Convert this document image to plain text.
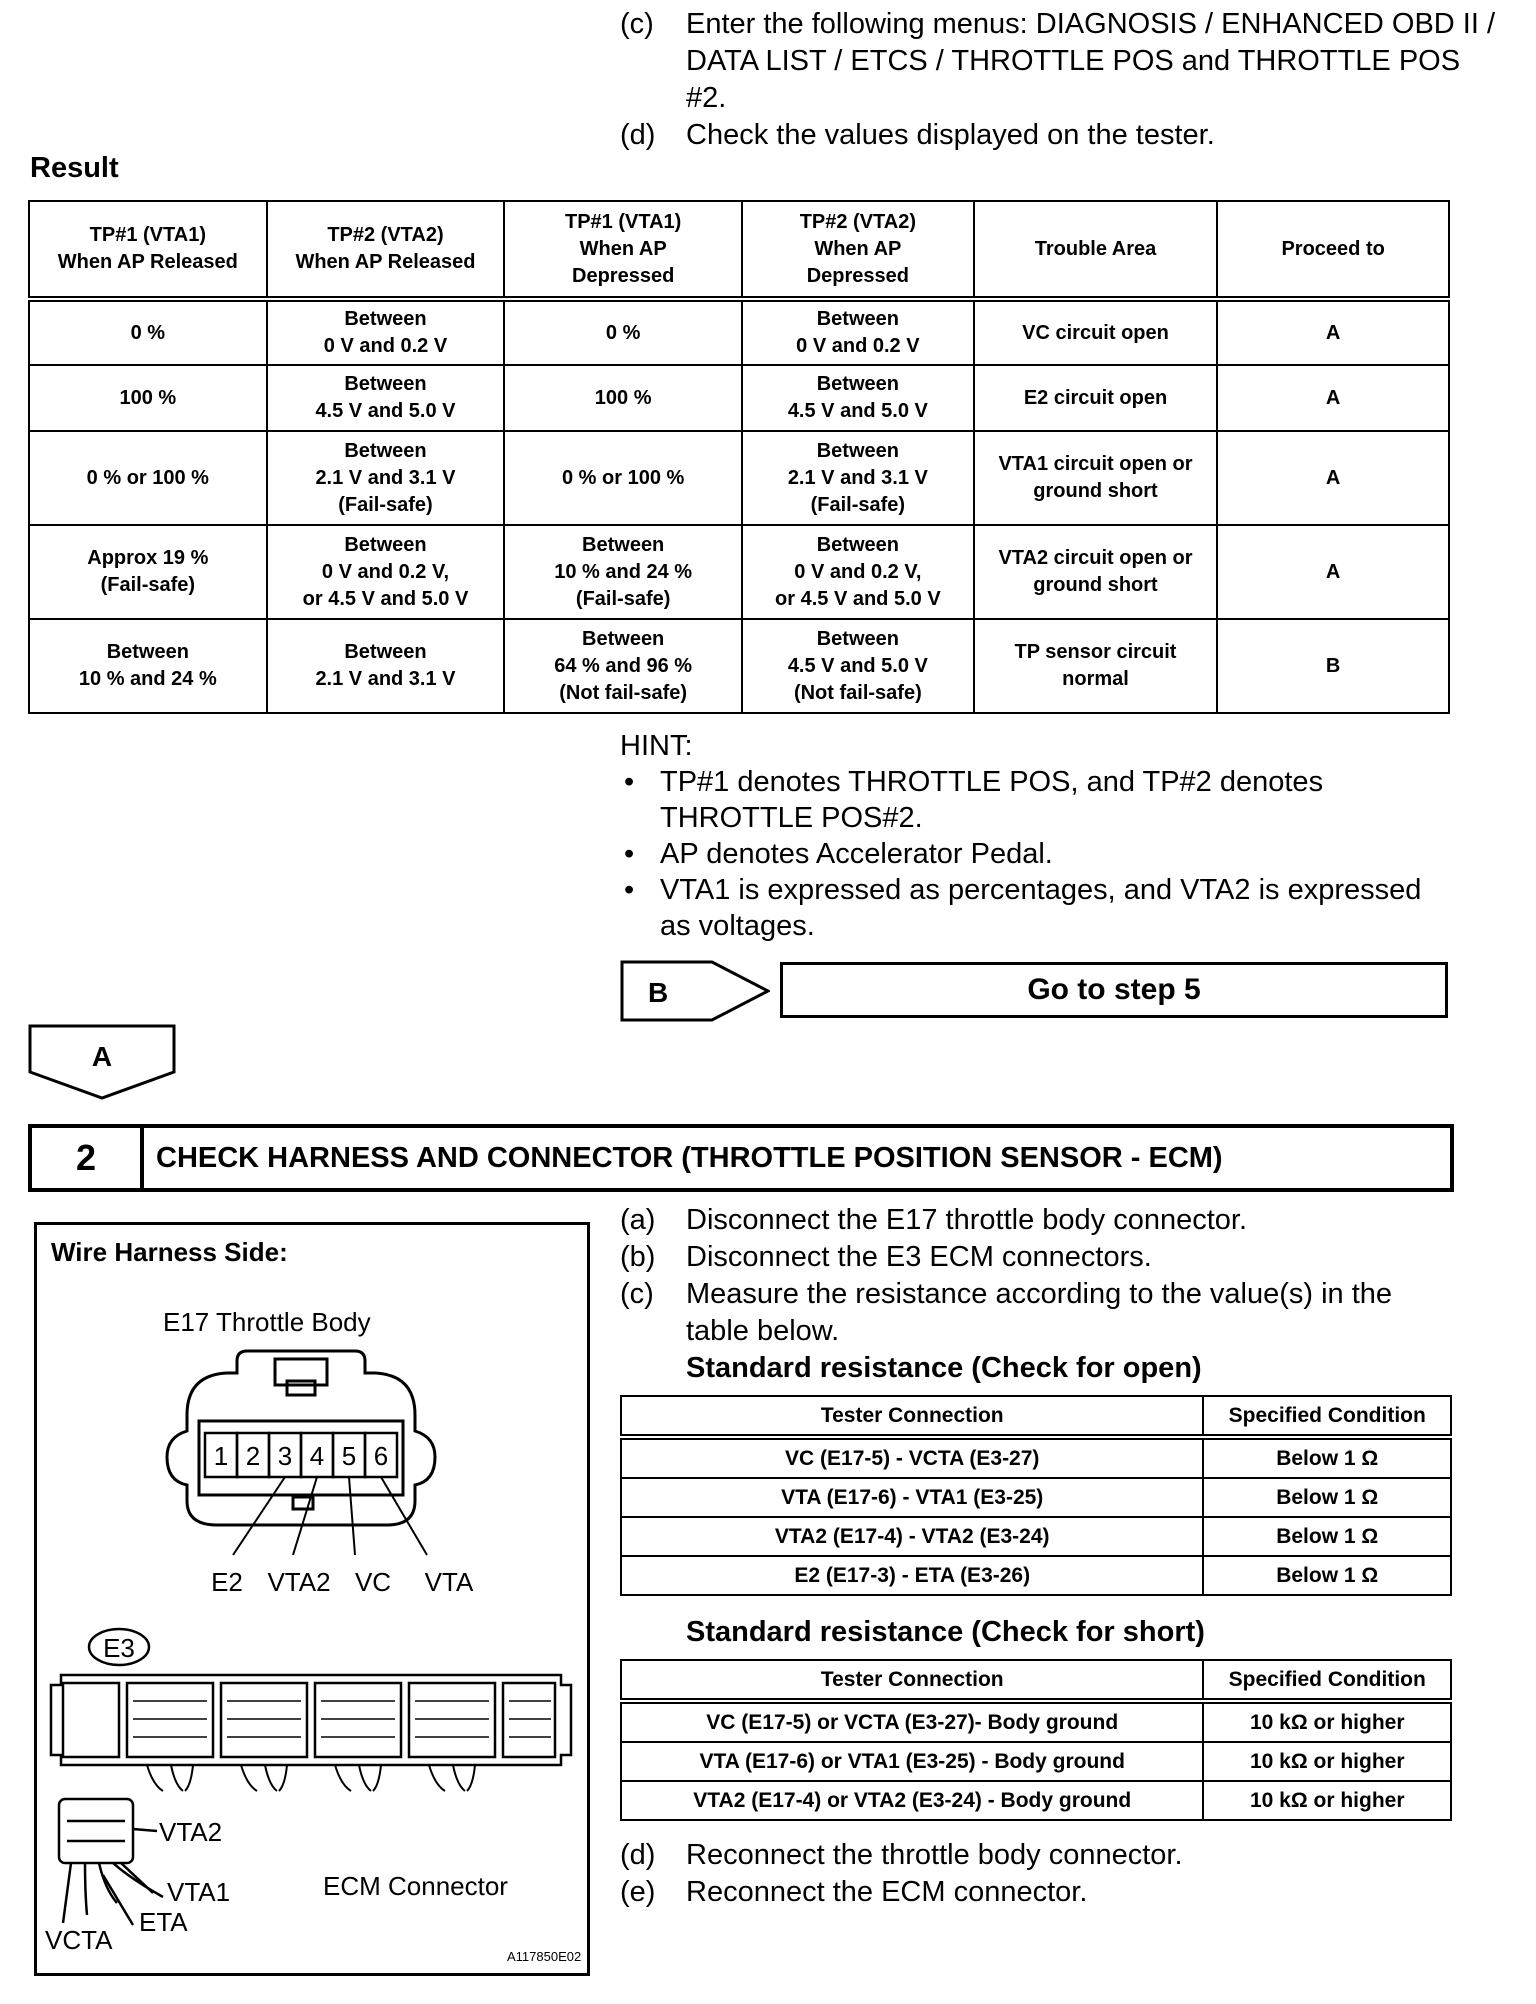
(c)	Enter the following menus: DIAGNOSIS / ENHANCED OBD II / DATA LIST / ETCS / THROTTLE POS and THROTTLE POS #2.
(d)	Check the values displayed on the tester.
Result
TP#1 (VTA1)
When AP Released	TP#2 (VTA2)
When AP Released	TP#1 (VTA1)
When AP
Depressed	TP#2 (VTA2)
When AP
Depressed	Trouble Area	Proceed to
0 %	Between
0 V and 0.2 V	0 %	Between
0 V and 0.2 V	VC circuit open	A
100 %	Between
4.5 V and 5.0 V	100 %	Between
4.5 V and 5.0 V	E2 circuit open	A
0 % or 100 %	Between
2.1 V and 3.1 V
(Fail-safe)	0 % or 100 %	Between
2.1 V and 3.1 V
(Fail-safe)	VTA1 circuit open or
ground short	A
Approx 19 %
(Fail-safe)	Between
0 V and 0.2 V,
or 4.5 V and 5.0 V	Between
10 % and 24 %
(Fail-safe)	Between
0 V and 0.2 V,
or 4.5 V and 5.0 V	VTA2 circuit open or
ground short	A
Between
10 % and 24 %	Between
2.1 V and 3.1 V	Between
64 % and 96 %
(Not fail-safe)	Between
4.5 V and 5.0 V
(Not fail-safe)	TP sensor circuit
normal	B
HINT:
• TP#1 denotes THROTTLE POS, and TP#2 denotes THROTTLE POS#2.
• AP denotes Accelerator Pedal.
• VTA1 is expressed as percentages, and VTA2 is expressed as voltages.
B	Go to step 5
A
2	CHECK HARNESS AND CONNECTOR (THROTTLE POSITION SENSOR - ECM)
Wire Harness Side:
E17 Throttle Body
1 2 3 4 5 6
E2 VTA2 VC VTA
E3
VTA2
VTA1
VCTA
ETA
ECM Connector
A117850E02
(a)	Disconnect the E17 throttle body connector.
(b)	Disconnect the E3 ECM connectors.
(c)	Measure the resistance according to the value(s) in the table below.
Standard resistance (Check for open)
Tester Connection	Specified Condition
VC (E17-5) - VCTA (E3-27)	Below 1 Ω
VTA (E17-6) - VTA1 (E3-25)	Below 1 Ω
VTA2 (E17-4) - VTA2 (E3-24)	Below 1 Ω
E2 (E17-3) - ETA (E3-26)	Below 1 Ω
Standard resistance (Check for short)
Tester Connection	Specified Condition
VC (E17-5) or VCTA (E3-27)- Body ground	10 kΩ or higher
VTA (E17-6) or VTA1 (E3-25) - Body ground	10 kΩ or higher
VTA2 (E17-4) or VTA2 (E3-24) - Body ground	10 kΩ or higher
(d)	Reconnect the throttle body connector.
(e)	Reconnect the ECM connector.
